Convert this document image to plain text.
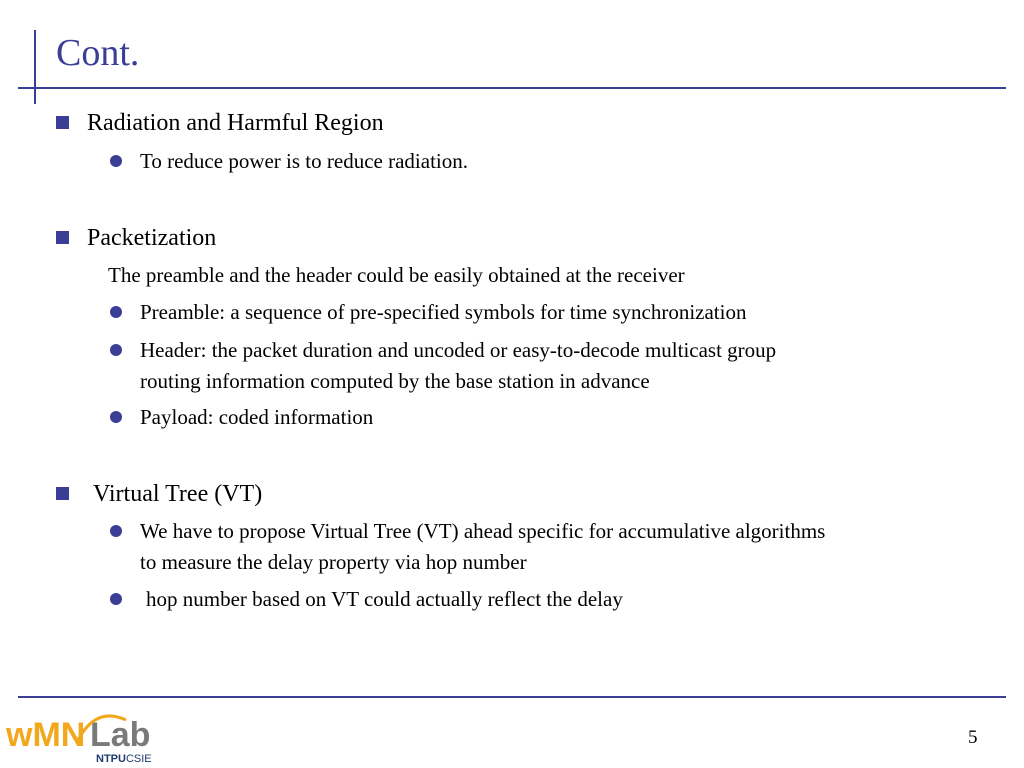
Cont.
Radiation and Harmful Region
To reduce power is to reduce radiation.
Packetization
The preamble and the header could be easily obtained at the receiver
Preamble: a sequence of pre-specified symbols for time synchronization
Header: the packet duration and uncoded or easy-to-decode multicast group
routing information computed by the base station in advance
Payload: coded information
Virtual Tree (VT)
We have to propose Virtual Tree (VT) ahead specific for accumulative algorithms
to measure the delay property via hop number
hop number based on VT could actually reflect the delay
wMN Lab
NTPUCSIE
5
